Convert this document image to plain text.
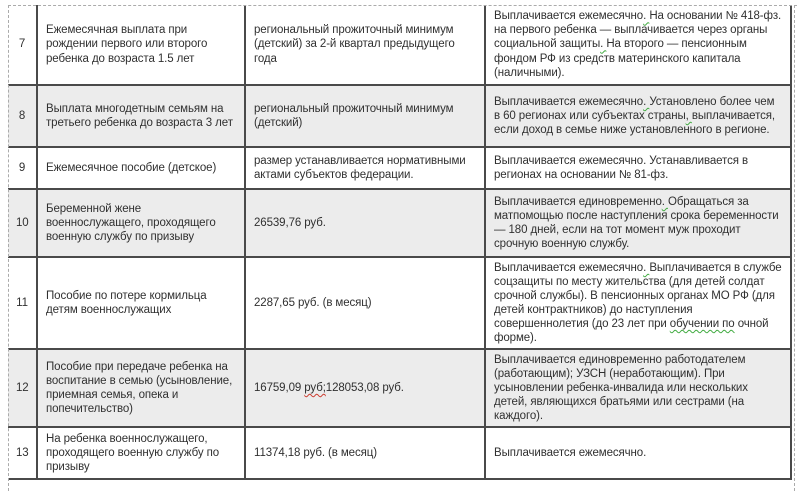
7	Ежемесячная выплата при рождении первого или второго ребенка до возраста 1.5 лет	региональный прожиточный минимум (детский) за 2-й квартал предыдущего года	Выплачивается ежемесячно. На основании № 418-фз. на первого ребенка — выплачивается через органы социальной защиты. На второго — пенсионным фондом РФ из средств материнского капитала (наличными).
8	Выплата многодетным семьям на третьего ребенка до возраста 3 лет	региональный прожиточный минимум (детский)	Выплачивается ежемесячно. Установлено более чем в 60 регионах или субъектах страны, выплачивается, если доход в семье ниже установленного в регионе.
9	Ежемесячное пособие (детское)	размер устанавливается нормативными актами субъектов федерации.	Выплачивается ежемесячно. Устанавливается в регионах на основании № 81-фз.
10	Беременной жене военнослужащего, проходящего военную службу по призыву	26539,76 руб.	Выплачивается единовременно. Обращаться за матпомощью после наступления срока беременности — 180 дней, если на тот момент муж проходит срочную военную службу.
11	Пособие по потере кормильца детям военнослужащих	2287,65 руб. (в месяц)	Выплачивается ежемесячно. Выплачивается в службе соцзащиты по месту жительства (для детей солдат срочной службы). В пенсионных органах МО РФ (для детей контрактников) до наступления совершеннолетия (до 23 лет при обучении по очной форме).
12	Пособие при передаче ребенка на воспитание в семью (усыновление, приемная семья, опека и попечительство)	16759,09 руб;128053,08 руб.	Выплачивается единовременно работодателем (работающим); УЗСН (неработающим). При усыновлении ребенка-инвалида или нескольких детей, являющихся братьями или сестрами (на каждого).
13	На ребенка военнослужащего, проходящего военную службу по призыву	11374,18 руб. (в месяц)	Выплачивается ежемесячно.
